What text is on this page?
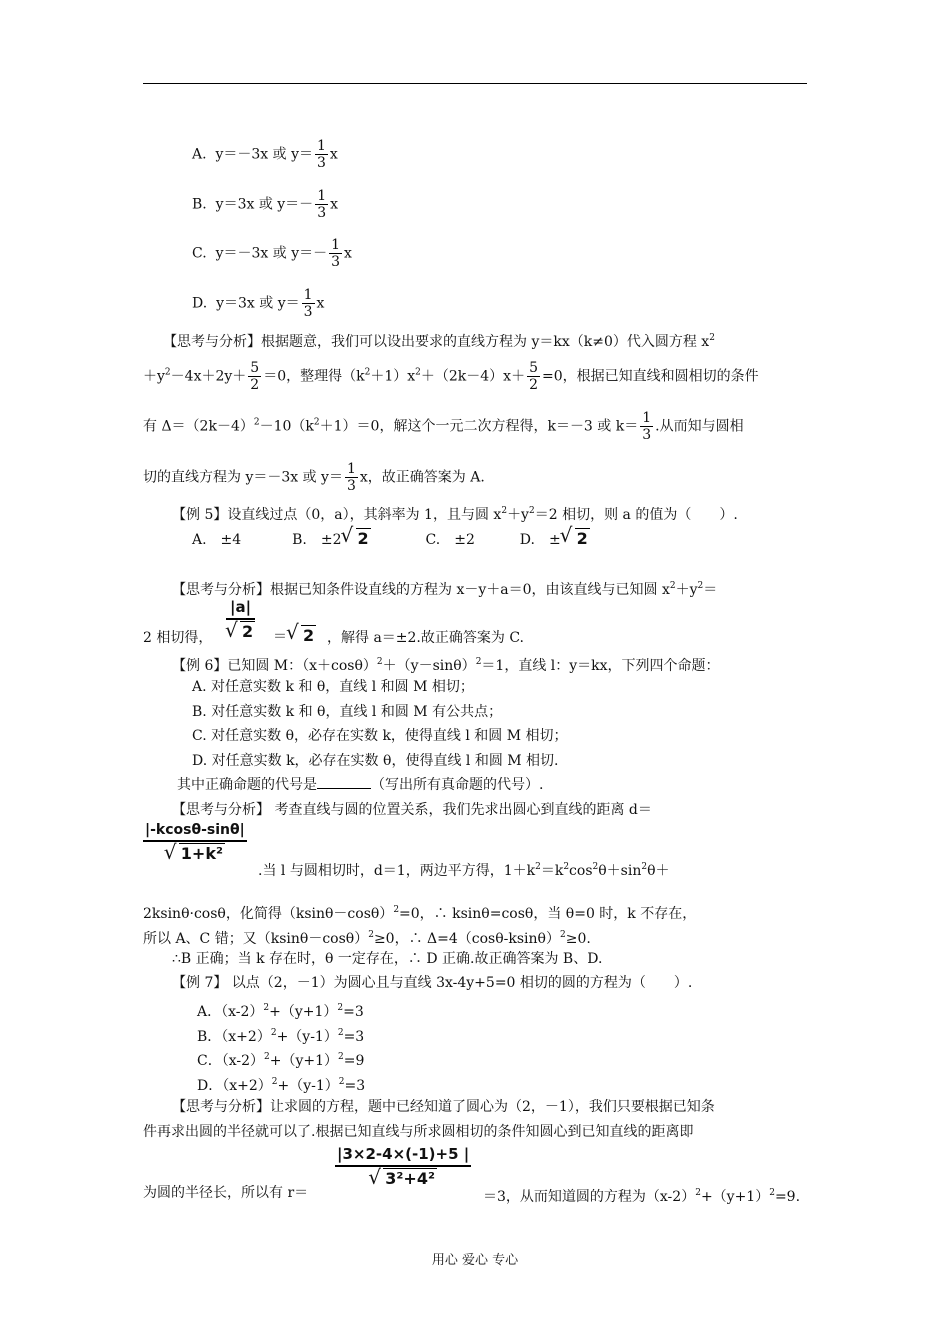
A. y＝－3x 或 $y= \frac{1}{3}$ x
B. y＝3x 或 $y=- \frac{1}{3}$ x
C. y＝－3x 或 $y=- \frac{1}{3}$ x
D. y＝3x 或 $y= \frac{1}{3}$ x
【思考与分析】根据题意，我们可以设出要求的直线方程为 y＝kx（k≠0）代入圆方程 $x^2$
$+y^2-4x+2y+ \frac{5}{2} =0$，整理得$(k^2+1)x^2+(2k-4)x+ \frac{5}{2} =0$，根据已知直线和圆相切的条件
有 $\Delta=(2k-4)^2-10(k^2+1)=0$，解这个一元二次方程得，k＝－3 或 $k= \frac{1}{3}$ .从而知与圆相
切的直线方程为 y＝－3x 或 $y= \frac{1}{3}$ x，故正确答案为 A.
【例 5】设直线过点（0，a），其斜率为 1，且与圆 $x^2+y^2=2$ 相切，则 a 的值为（　　）.
A.　±4	B.　±2 √ 2	C.　±2	D.　± √ 2
【思考与分析】根据已知条件设直线的方程为 x－y＋a＝0，由该直线与已知圆 $x^2+y^2=$
|a|
√ 2 ＝ √ 2
2 相切得，	，解得 a＝±2.故正确答案为 C.
【例 6】已知圆 M：$(x+\cos\theta)^2+(y-\sin\theta)^2=1$，直线 l：y＝kx，下列四个命题：
A. 对任意实数 k 和 θ，直线 l 和圆 M 相切；
B. 对任意实数 k 和 θ，直线 l 和圆 M 有公共点；
C. 对任意实数 θ，必存在实数 k，使得直线 l 和圆 M 相切；
D. 对任意实数 k，必存在实数 θ，使得直线 l 和圆 M 相切.
其中正确命题的代号是	（写出所有真命题的代号）.
【思考与分析】 考查直线与圆的位置关系，我们先求出圆心到直线的距离 d＝
|-kcosθ-sinθ|
√ 1+k²
.当 l 与圆相切时，d＝1，两边平方得，$1+k^2=k^2\cos^2\theta+\sin^2\theta+$
2ksinθ·cosθ，化简得$(ksin\theta-\cos\theta)^2=0$，∴ ksinθ=cosθ，当 θ=0 时，k 不存在，
所以 A、C 错；又$(ksin\theta-\cos\theta)^2\ge 0$，∴ $\Delta=4(\cos\theta-ksin\theta)^2\ge 0$.
∴B 正确；当 k 存在时，θ 一定存在，∴ D 正确.故正确答案为 B、D.
【例 7】 以点（2，－1）为圆心且与直线 3x-4y+5=0 相切的圆的方程为（　　）.
A．$(x-2)^2+(y+1)^2=3$
B．$(x+2)^2+(y-1)^2=3$
C．$(x-2)^2+(y+1)^2=9$
D．$(x+2)^2+(y-1)^2=3$
【思考与分析】让求圆的方程，题中已经知道了圆心为（2，－1），我们只要根据已知条
件再求出圆的半径就可以了.根据已知直线与所求圆相切的条件知圆心到已知直线的距离即
|3×2-4×(-1)+5 |
√ 3²+4²
为圆的半径长，所以有 r＝	＝3，从而知道圆的方程为$(x-2)^2+(y+1)^2=9$.
用心 爱心 专心
